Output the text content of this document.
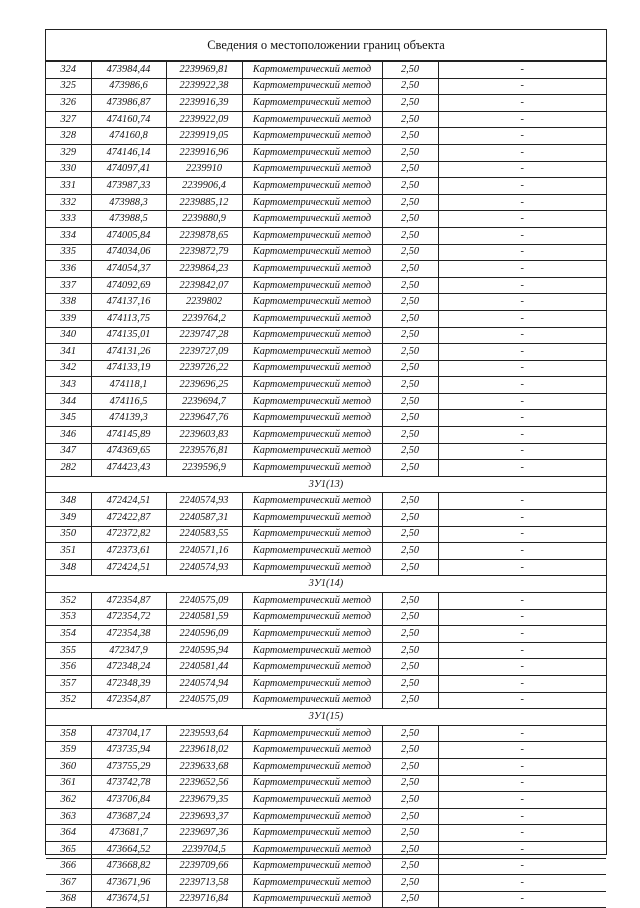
Сведения о местоположении границ объекта
324	473984,44	2239969,81	Картометрический метод	2,50	-
325	473986,6	2239922,38	Картометрический метод	2,50	-
326	473986,87	2239916,39	Картометрический метод	2,50	-
327	474160,74	2239922,09	Картометрический метод	2,50	-
328	474160,8	2239919,05	Картометрический метод	2,50	-
329	474146,14	2239916,96	Картометрический метод	2,50	-
330	474097,41	2239910	Картометрический метод	2,50	-
331	473987,33	2239906,4	Картометрический метод	2,50	-
332	473988,3	2239885,12	Картометрический метод	2,50	-
333	473988,5	2239880,9	Картометрический метод	2,50	-
334	474005,84	2239878,65	Картометрический метод	2,50	-
335	474034,06	2239872,79	Картометрический метод	2,50	-
336	474054,37	2239864,23	Картометрический метод	2,50	-
337	474092,69	2239842,07	Картометрический метод	2,50	-
338	474137,16	2239802	Картометрический метод	2,50	-
339	474113,75	2239764,2	Картометрический метод	2,50	-
340	474135,01	2239747,28	Картометрический метод	2,50	-
341	474131,26	2239727,09	Картометрический метод	2,50	-
342	474133,19	2239726,22	Картометрический метод	2,50	-
343	474118,1	2239696,25	Картометрический метод	2,50	-
344	474116,5	2239694,7	Картометрический метод	2,50	-
345	474139,3	2239647,76	Картометрический метод	2,50	-
346	474145,89	2239603,83	Картометрический метод	2,50	-
347	474369,65	2239576,81	Картометрический метод	2,50	-
282	474423,43	2239596,9	Картометрический метод	2,50	-
3У1(13)					
348	472424,51	2240574,93	Картометрический метод	2,50	-
349	472422,87	2240587,31	Картометрический метод	2,50	-
350	472372,82	2240583,55	Картометрический метод	2,50	-
351	472373,61	2240571,16	Картометрический метод	2,50	-
348	472424,51	2240574,93	Картометрический метод	2,50	-
3У1(14)					
352	472354,87	2240575,09	Картометрический метод	2,50	-
353	472354,72	2240581,59	Картометрический метод	2,50	-
354	472354,38	2240596,09	Картометрический метод	2,50	-
355	472347,9	2240595,94	Картометрический метод	2,50	-
356	472348,24	2240581,44	Картометрический метод	2,50	-
357	472348,39	2240574,94	Картометрический метод	2,50	-
352	472354,87	2240575,09	Картометрический метод	2,50	-
3У1(15)					
358	473704,17	2239593,64	Картометрический метод	2,50	-
359	473735,94	2239618,02	Картометрический метод	2,50	-
360	473755,29	2239633,68	Картометрический метод	2,50	-
361	473742,78	2239652,56	Картометрический метод	2,50	-
362	473706,84	2239679,35	Картометрический метод	2,50	-
363	473687,24	2239693,37	Картометрический метод	2,50	-
364	473681,7	2239697,36	Картометрический метод	2,50	-
365	473664,52	2239704,5	Картометрический метод	2,50	-
366	473668,82	2239709,66	Картометрический метод	2,50	-
367	473671,96	2239713,58	Картометрический метод	2,50	-
368	473674,51	2239716,84	Картометрический метод	2,50	-
